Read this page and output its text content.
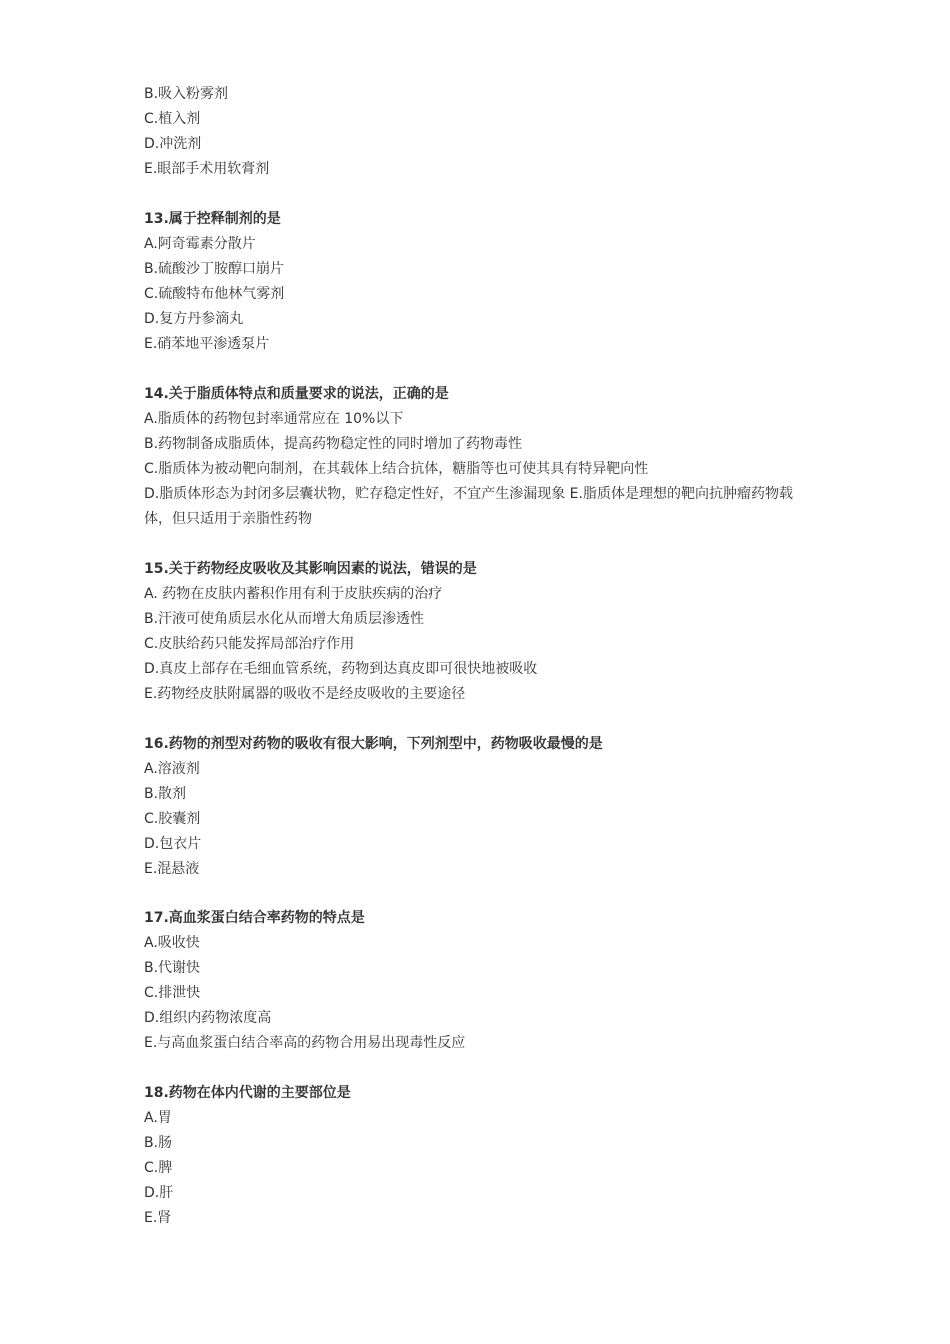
B.吸入粉雾剂
C.植入剂
D.冲洗剂
E.眼部手术用软膏剂
13.属于控释制剂的是
A.阿奇霉素分散片
B.硫酸沙丁胺醇口崩片
C.硫酸特布他林气雾剂
D.复方丹参滴丸
E.硝苯地平渗透泵片
14.关于脂质体特点和质量要求的说法，正确的是
A.脂质体的药物包封率通常应在 10%以下
B.药物制备成脂质体，提高药物稳定性的同时增加了药物毒性
C.脂质体为被动靶向制剂，在其载体上结合抗体，糖脂等也可使其具有特异靶向性
D.脂质体形态为封闭多层囊状物，贮存稳定性好，不宜产生渗漏现象 E.脂质体是理想的靶向抗肿瘤药物载体，但只适用于亲脂性药物
15.关于药物经皮吸收及其影响因素的说法，错误的是
A. 药物在皮肤内蓄积作用有利于皮肤疾病的治疗
B.汗液可使角质层水化从而增大角质层渗透性
C.皮肤给药只能发挥局部治疗作用
D.真皮上部存在毛细血管系统，药物到达真皮即可很快地被吸收
E.药物经皮肤附属器的吸收不是经皮吸收的主要途径
16.药物的剂型对药物的吸收有很大影响，下列剂型中，药物吸收最慢的是
A.溶液剂
B.散剂
C.胶囊剂
D.包衣片
E.混悬液
17.高血浆蛋白结合率药物的特点是
A.吸收快
B.代谢快
C.排泄快
D.组织内药物浓度高
E.与高血浆蛋白结合率高的药物合用易出现毒性反应
18.药物在体内代谢的主要部位是
A.胃
B.肠
C.脾
D.肝
E.肾
